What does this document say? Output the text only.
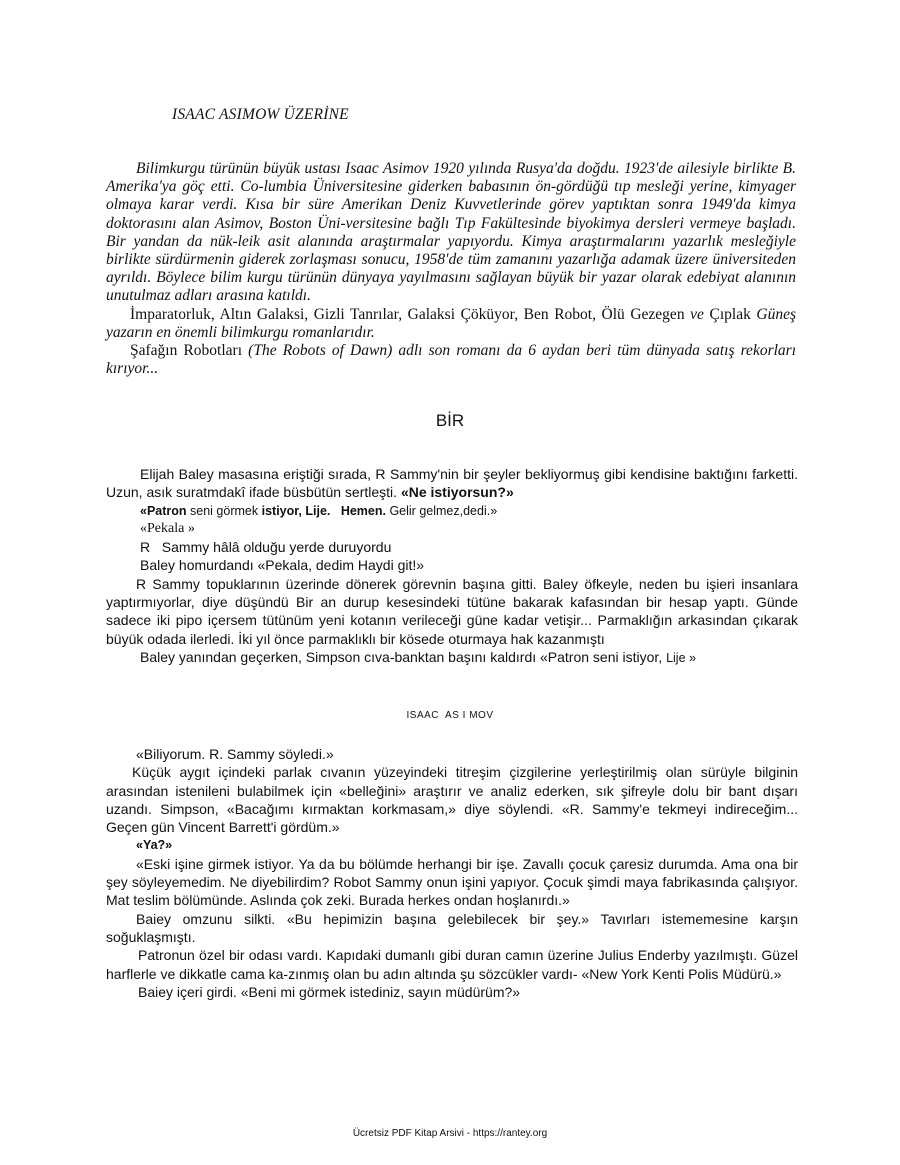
ISAAC ASIMOW ÜZERİNE

Bilimkurgu türünün büyük ustası Isaac Asimov 1920 yılında Rusya'da doğdu. 1923'de ailesiyle birlikte B. Amerika'ya göç etti. Co-lumbia Üniversitesine giderken babasının ön-gördüğü tıp mesleği yerine, kimyager olmaya karar verdi. Kısa bir süre Amerikan Deniz Kuvvetlerinde görev yaptıktan sonra 1949'da kimya doktorasını alan Asimov, Boston Üni-versitesine bağlı Tıp Fakültesinde biyokimya dersleri vermeye başladı. Bir yandan da nük-leik asit alanında araştırmalar yapıyordu. Kimya araştırmalarını yazarlık mesleğiyle birlikte sürdürmenin giderek zorlaşması sonucu, 1958'de tüm zamanını yazarlığa adamak üzere üniversiteden ayrıldı. Böylece bilim kurgu türünün dünyaya yayılmasını sağlayan büyük bir yazar olarak edebiyat alanının unutulmaz adları arasına katıldı.

İmparatorluk, Altın Galaksi, Gizli Tanrılar, Galaksi Çöküyor, Ben Robot, Ölü Gezegen ve Çıplak Güneş yazarın en önemli bilimkurgu romanlarıdır.

Şafağın Robotları (The Robots of Dawn) adlı son romanı da 6 aydan beri tüm dünyada satış rekorları kırıyor...

BİR

Elijah Baley masasına eriştiği sırada, R Sammy'nin bir şeyler bekliyormuş gibi kendisine baktığını farketti. Uzun, asık suratmdakî ifade büsbütün sertleşti. «Ne istiyorsun?»

«Patron seni görmek istiyor, Lije. Hemen. Gelir gelmez,dedi.»

«Pekala »

R   Sammy hâlâ olduğu yerde duruyordu

Baley homurdandı «Pekala, dedim Haydi git!»

R Sammy topuklarının üzerinde dönerek görevnin başına gitti. Baley öfkeyle, neden bu işieri insanlara yaptırmıyorlar, diye düşündü Bir an durup kesesindeki tütüne bakarak kafasından bir hesap yaptı. Günde sadece iki pipo içersem tütünüm yeni kotanın verileceği güne kadar vetişir... Parmaklığın arkasından çıkarak büyük odada ilerledi. İki yıl önce parmaklıklı bir kösede oturmaya hak kazanmıştı

Baley yanından geçerken, Simpson cıva-banktan başını kaldırdı «Patron seni istiyor, Lije »

ISAAC  AS I MOV

«Biliyorum. R. Sammy söyledi.»

Küçük aygıt içindeki parlak cıvanın yüzeyindeki titreşim çizgilerine yerleştirilmiş olan sürüyle bilginin arasından istenileni bulabilmek için «belleğini» araştırır ve analiz ederken, sık şifreyle dolu bir bant dışarı uzandı. Simpson, «Bacağımı kırmaktan korkmasam,» diye söylendi. «R. Sammy'e tekmeyi indireceğim... Geçen gün Vincent Barrett'i gördüm.»

«Ya?»

«Eski işine girmek istiyor. Ya da bu bölümde herhangi bir işe. Zavallı çocuk çaresiz durumda. Ama ona bir şey söyleyemedim. Ne diyebilirdim? Robot Sammy onun işini yapıyor. Çocuk şimdi maya fabrikasında çalışıyor. Mat teslim bölümünde. Aslında çok zeki. Burada herkes ondan hoşlanırdı.»

Baiey omzunu silkti. «Bu hepimizin başına gelebilecek bir şey.» Tavırları istememesine karşın soğuklaşmıştı.

Patronun özel bir odası vardı. Kapıdaki dumanlı gibi duran camın üzerine Julius Enderby yazılmıştı. Güzel harflerle ve dikkatle cama ka-zınmış olan bu adın altında şu sözcükler vardı- «New York Kenti Polis Müdürü.»

Baiey içeri girdi. «Beni mi görmek istediniz, sayın müdürüm?»

Ücretsiz PDF Kitap Arsivi - https://rantey.org
